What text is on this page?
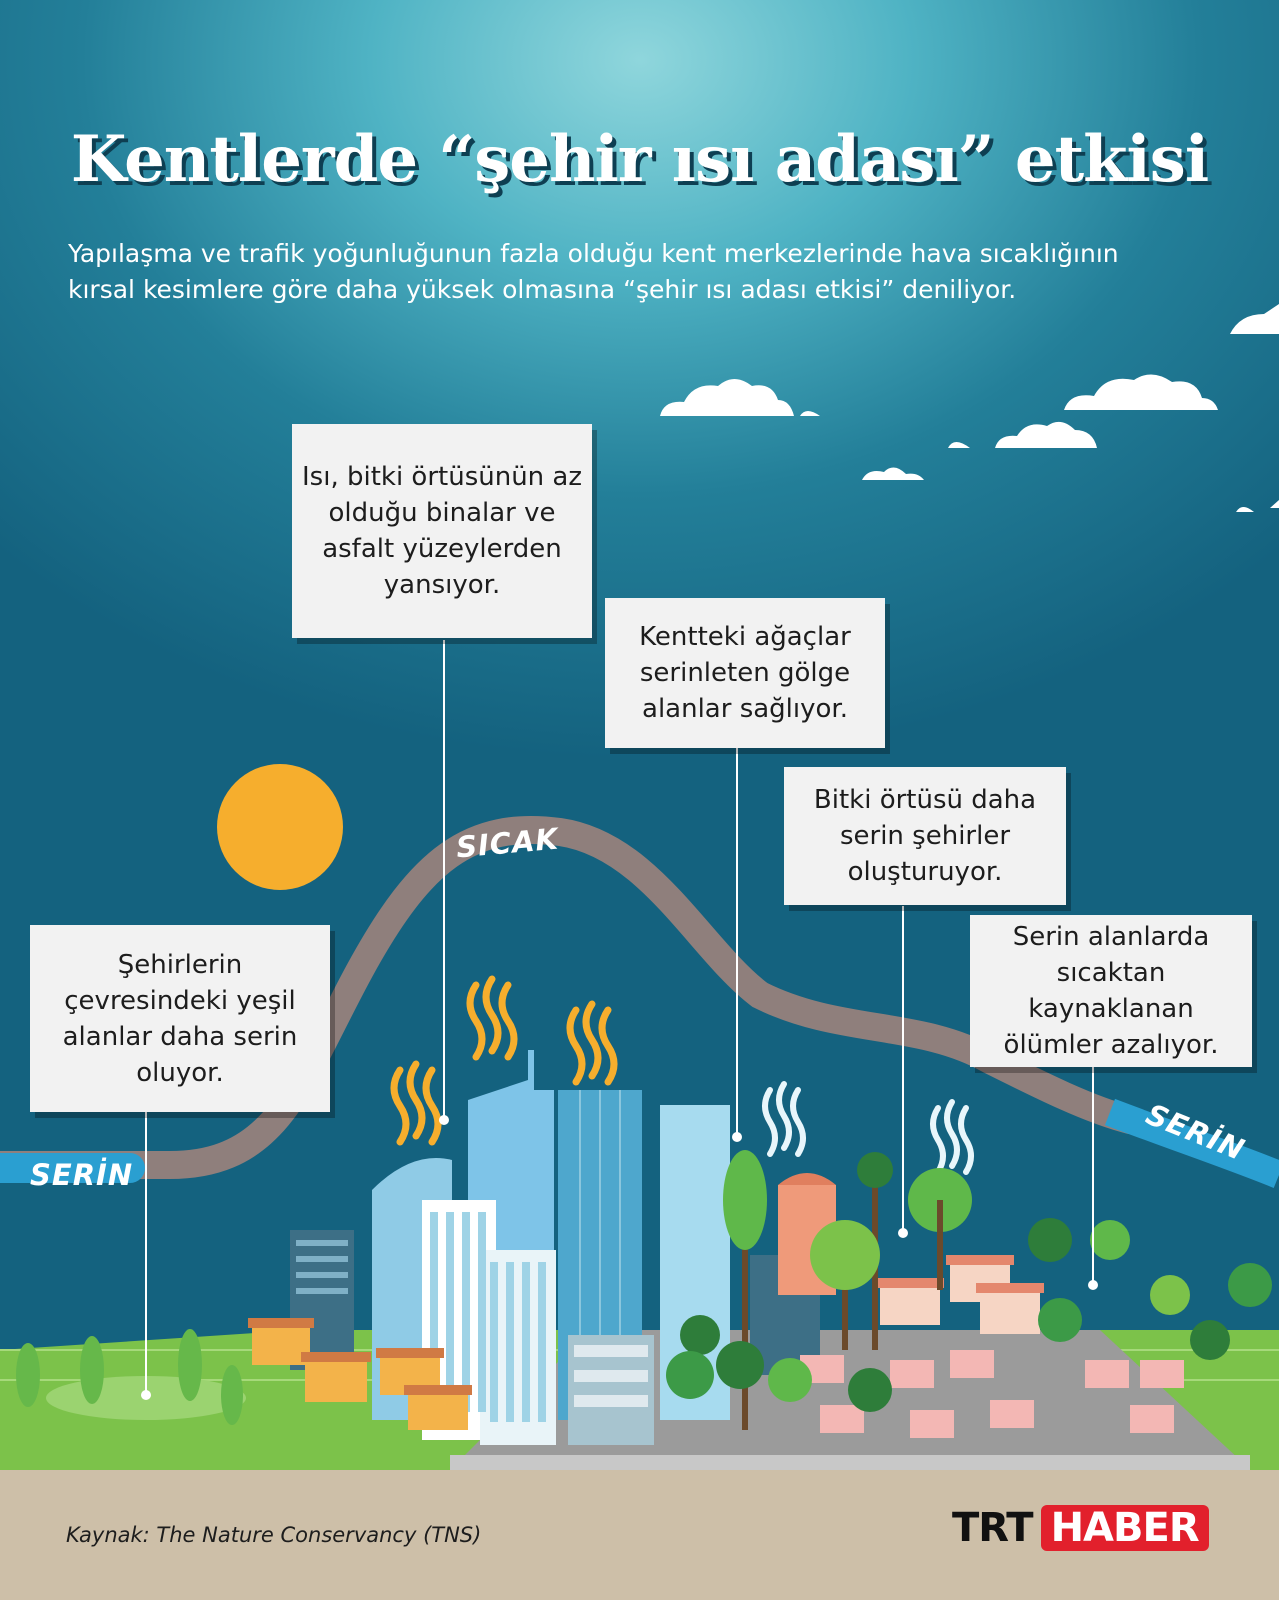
Kentlerde “şehir ısı adası” etkisi
Yapılaşma ve trafik yoğunluğunun fazla olduğu kent merkezlerinde hava sıcaklığının kırsal kesimlere göre daha yüksek olmasına “şehir ısı adası etkisi” deniliyor.
SICAK
SERİN
SERİN
Şehirlerin çevresindeki yeşil alanlar daha serin oluyor.
Isı, bitki örtüsünün az olduğu binalar ve asfalt yüzeylerden yansıyor.
Kentteki ağaçlar serinleten gölge alanlar sağlıyor.
Bitki örtüsü daha serin şehirler oluşturuyor.
Serin alanlarda sıcaktan kaynaklanan ölümler azalıyor.
Kaynak: The Nature Conservancy (TNS)	TRT HABER
